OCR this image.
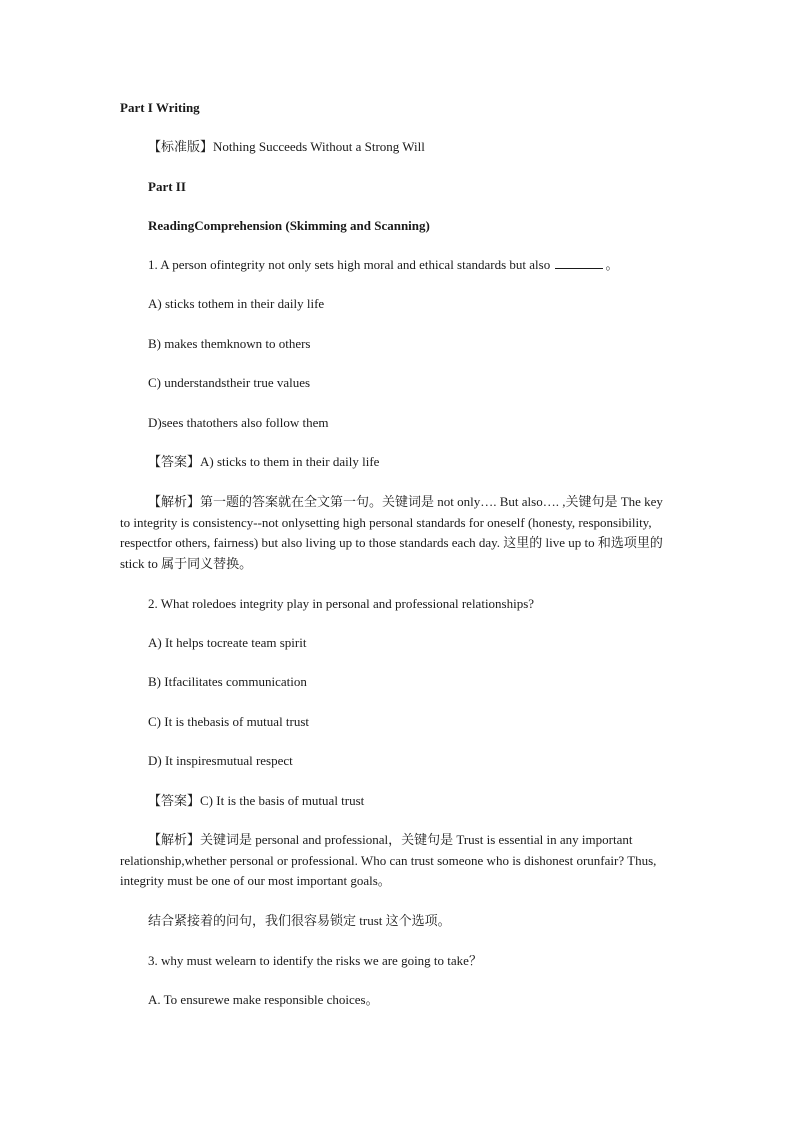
Part I Writing
【标准版】Nothing Succeeds Without a Strong Will
Part II
ReadingComprehension (Skimming and Scanning)
1. A person ofintegrity not only sets high moral and ethical standards but also	。
A) sticks tothem in their daily life
B) makes themknown to others
C) understandstheir true values
D)sees thatothers also follow them
【答案】A) sticks to them in their daily life
【解析】第一题的答案就在全文第一句。关键词是 not only…. But also…. ,关键句是 The key to integrity is consistency--not onlysetting high personal standards for oneself (honesty, responsibility, respectfor others, fairness) but also living up to those standards each day. 这里的 live up to 和选项里的 stick to 属于同义替换。
2. What roledoes integrity play in personal and professional relationships?
A) It helps tocreate team spirit
B) Itfacilitates communication
C) It is thebasis of mutual trust
D) It inspiresmutual respect
【答案】C) It is the basis of mutual trust
【解析】关键词是 personal and professional，关键句是 Trust is essential in any important relationship,whether personal or professional. Who can trust someone who is dishonest orunfair? Thus, integrity must be one of our most important goals。
结合紧接着的问句，我们很容易锁定 trust 这个选项。
3. why must welearn to identify the risks we are going to take？
A. To ensurewe make responsible choices。
